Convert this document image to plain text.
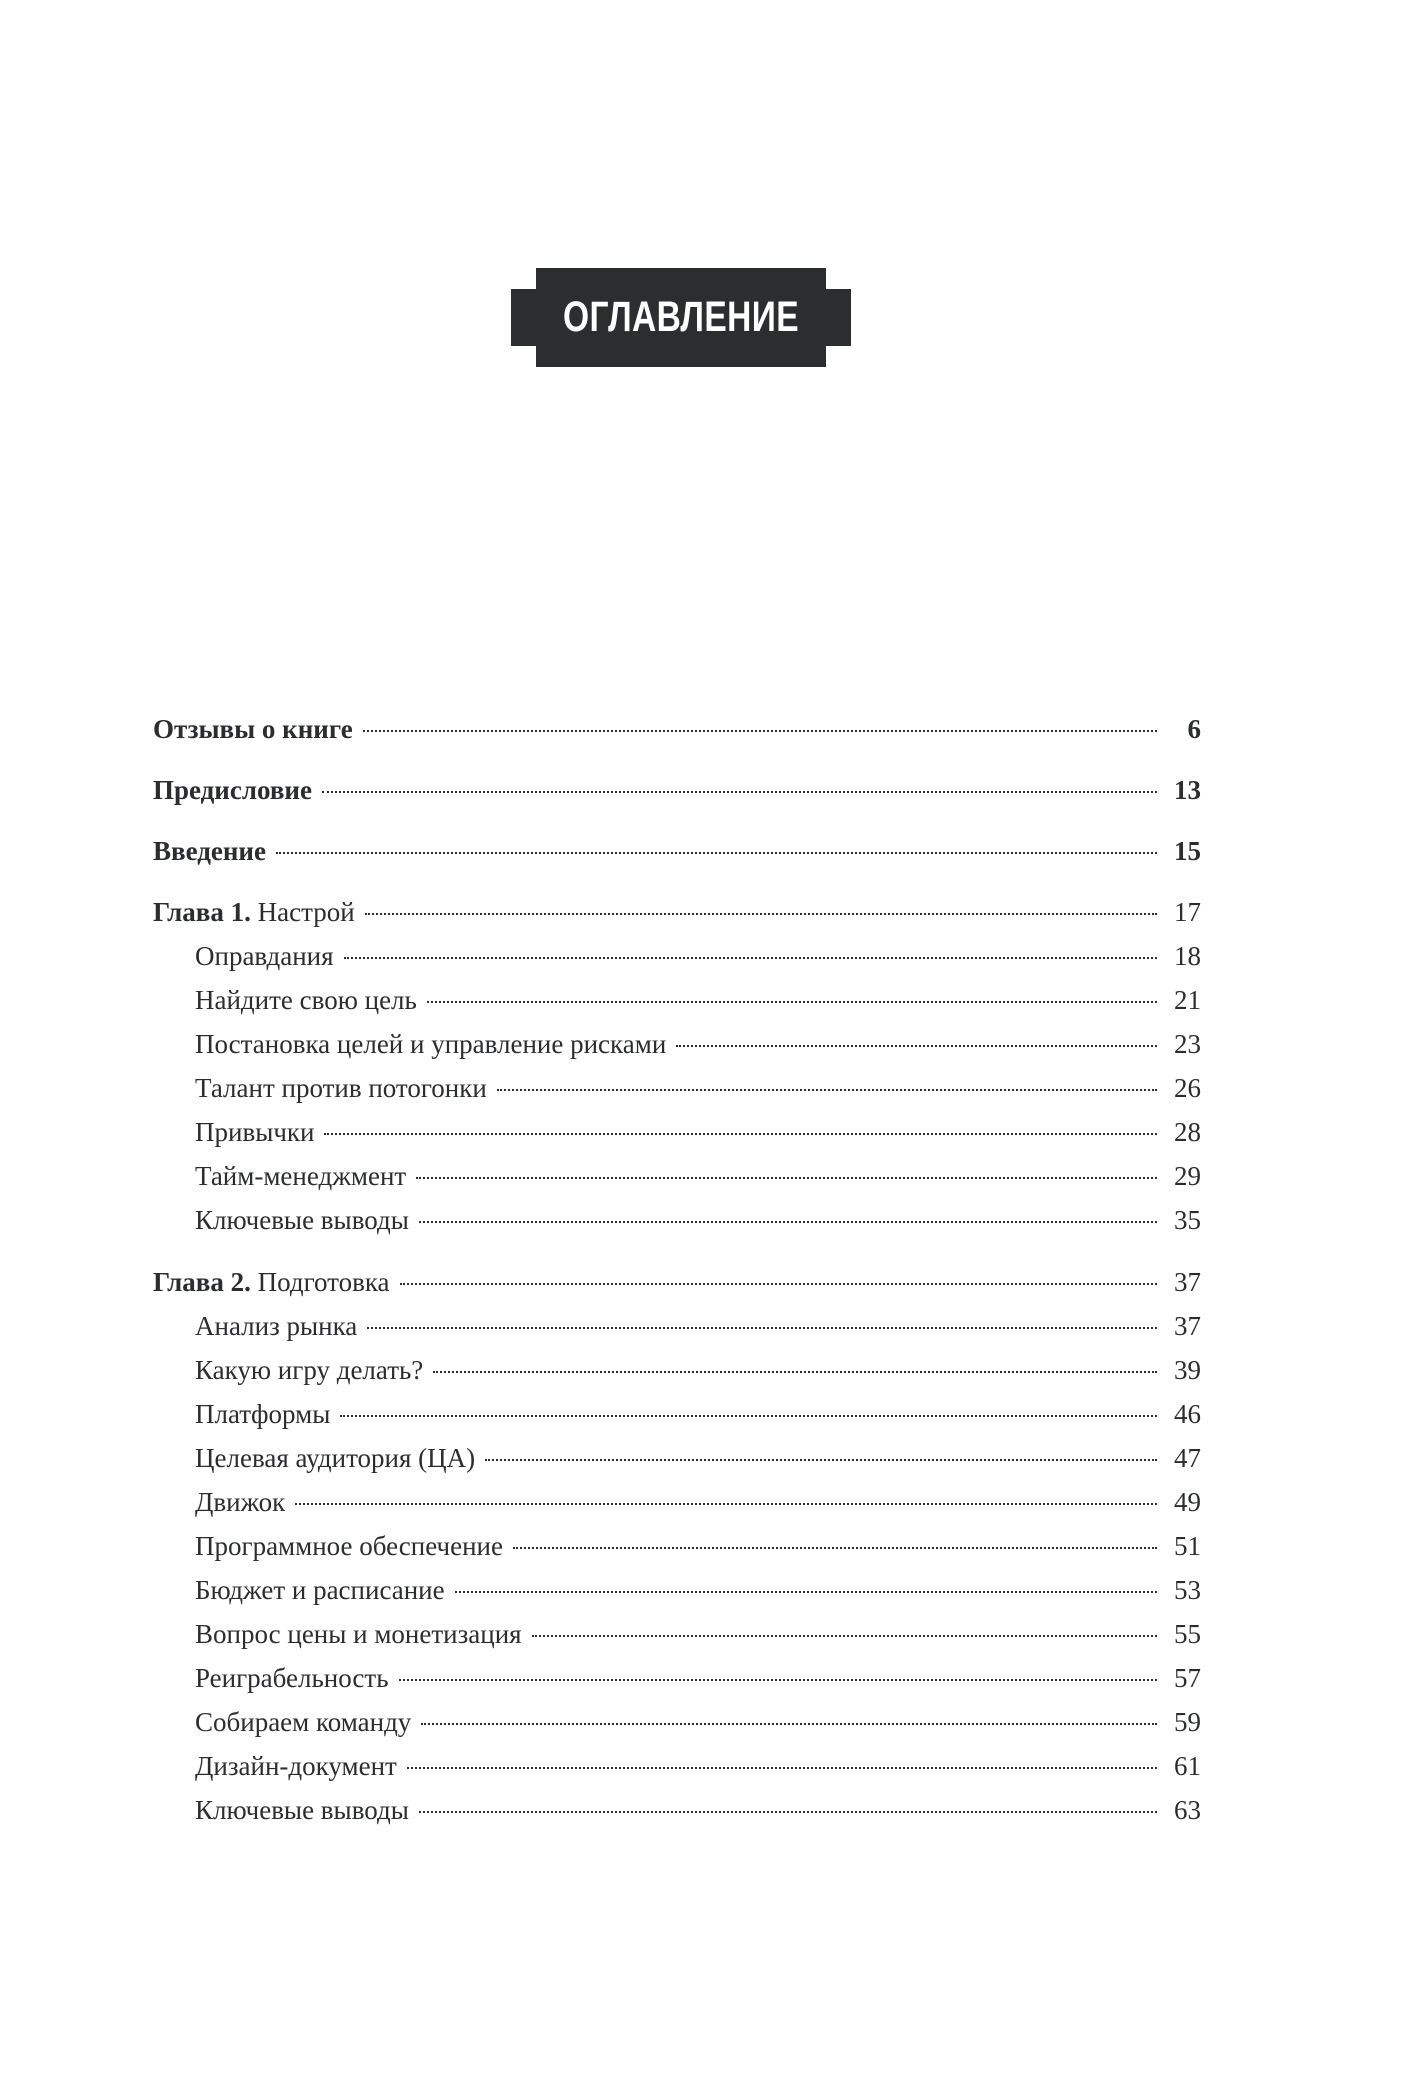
ОГЛАВЛЕНИЕ
Отзывы о книге	6
Предисловие	13
Введение	15
Глава 1. Настрой	17
Оправдания	18
Найдите свою цель	21
Постановка целей и управление рисками	23
Талант против потогонки	26
Привычки	28
Тайм-менеджмент	29
Ключевые выводы	35
Глава 2. Подготовка	37
Анализ рынка	37
Какую игру делать?	39
Платформы	46
Целевая аудитория (ЦА)	47
Движок	49
Программное обеспечение	51
Бюджет и расписание	53
Вопрос цены и монетизация	55
Реиграбельность	57
Собираем команду	59
Дизайн-документ	61
Ключевые выводы	63
